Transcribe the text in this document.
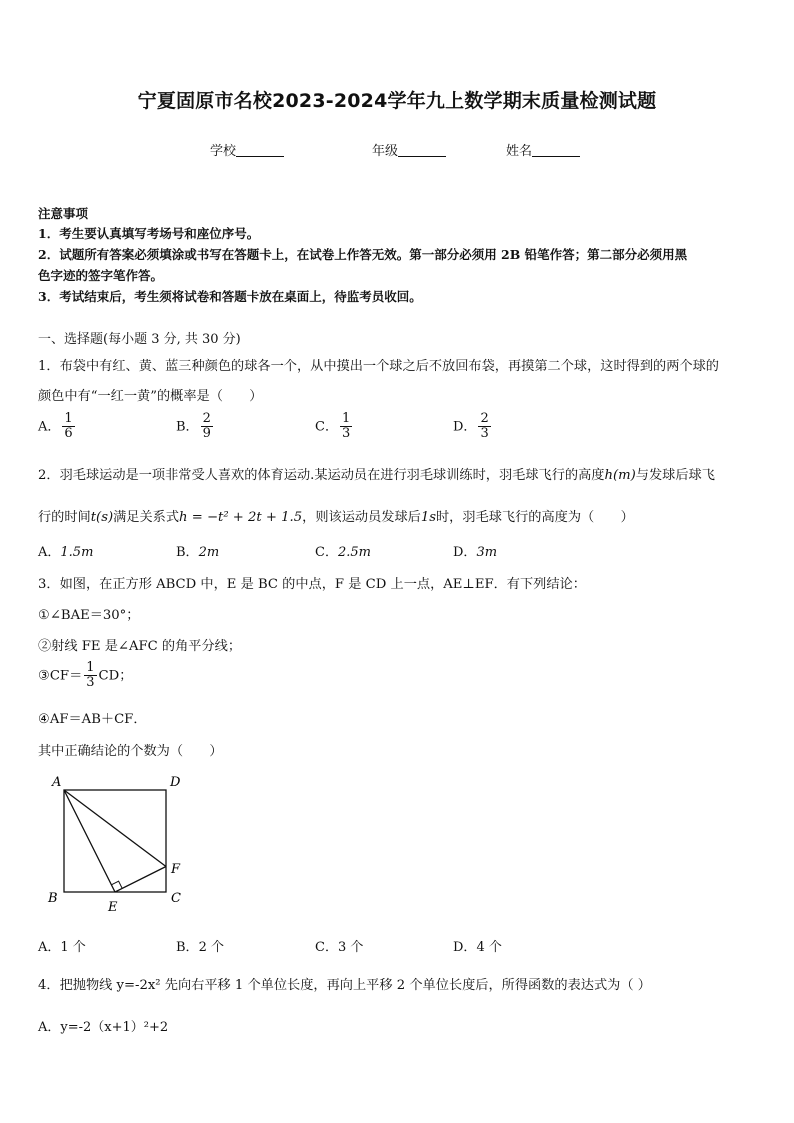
宁夏固原市名校2023-2024学年九上数学期末质量检测试题
学校	年级	姓名
注意事项
1．考生要认真填写考场号和座位序号。
2．试题所有答案必须填涂或书写在答题卡上，在试卷上作答无效。第一部分必须用 2B 铅笔作答；第二部分必须用黑
色字迹的签字笔作答。
3．考试结束后，考生须将试卷和答题卡放在桌面上，待监考员收回。
一、选择题(每小题 3 分, 共 30 分)
1．布袋中有红、黄、蓝三种颜色的球各一个，从中摸出一个球之后不放回布袋，再摸第二个球，这时得到的两个球的
颜色中有“一红一黄”的概率是（　　）
A． $\frac{1}{6}$	B． $\frac{2}{9}$	C． $\frac{1}{3}$	D． $\frac{2}{3}$
2．羽毛球运动是一项非常受人喜欢的体育运动.某运动员在进行羽毛球训练时，羽毛球飞行的高度h(m)与发球后球飞
行的时间t(s)满足关系式h = −t² + 2t + 1.5，则该运动员发球后1s时，羽毛球飞行的高度为（　　）
A．1.5m	B．2m	C．2.5m	D．3m
3．如图，在正方形 ABCD 中，E 是 BC 的中点，F 是 CD 上一点，AE⊥EF．有下列结论：
①∠BAE＝30°；
②射线 FE 是∠AFC 的角平分线；
③CF＝ $\frac{1}{3}$ CD；
④AF＝AB＋CF．
其中正确结论的个数为（　　）
A	D
B	C
E
F
A．1 个	B．2 个	C．3 个	D．4 个
4．把抛物线 y=-2x² 先向右平移 1 个单位长度，再向上平移 2 个单位长度后，所得函数的表达式为（ ）
A．y=-2（x+1）²+2
